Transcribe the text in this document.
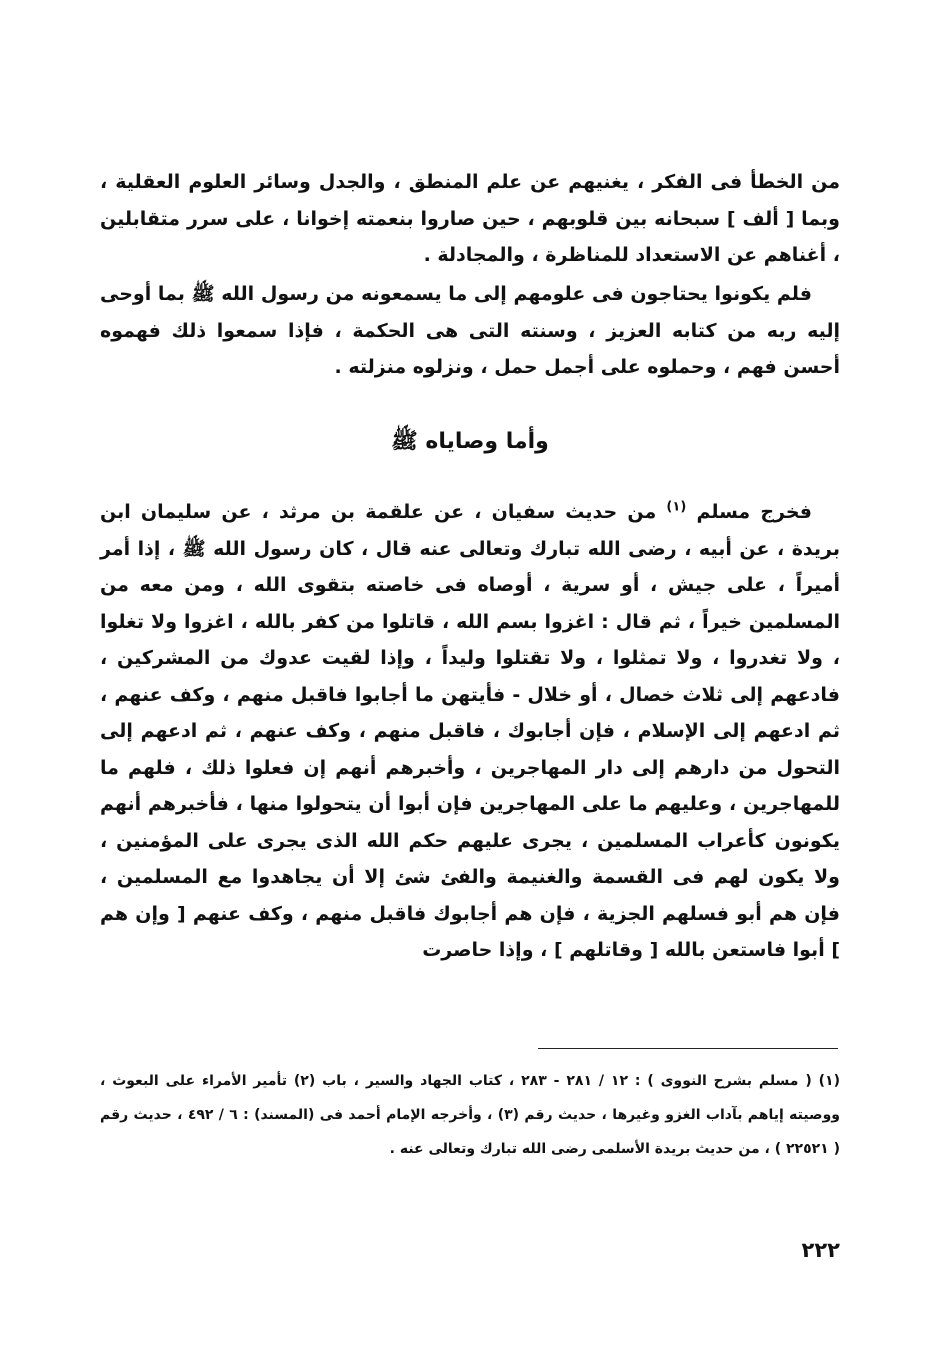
من الخطأ فى الفكر ، يغنيهم عن علم المنطق ، والجدل وسائر العلوم العقلية ، وبما [ ألف ] سبحانه بين قلوبهم ، حين صاروا بنعمته إخوانا ، على سرر متقابلين ، أغناهم عن الاستعداد للمناظرة ، والمجادلة .

فلم يكونوا يحتاجون فى علومهم إلى ما يسمعونه من رسول الله ﷺ بما أوحى إليه ربه من كتابه العزيز ، وسنته التى هى الحكمة ، فإذا سمعوا ذلك فهموه أحسن فهم ، وحملوه على أجمل حمل ، ونزلوه منزلته .

وأما وصاياه ﷺ

فخرج مسلم $^{(١)}$ من حديث سفيان ، عن علقمة بن مرثد ، عن سليمان ابن بريدة ، عن أبيه ، رضى الله تبارك وتعالى عنه قال ، كان رسول الله ﷺ ، إذا أمر أميراً ، على جيش ، أو سرية ، أوصاه فى خاصته بتقوى الله ، ومن معه من المسلمين خيراً ، ثم قال : اغزوا بسم الله ، قاتلوا من كفر بالله ، اغزوا ولا تغلوا ، ولا تغدروا ، ولا تمثلوا ، ولا تقتلوا وليداً ، وإذا لقيت عدوك من المشركين ، فادعهم إلى ثلاث خصال ، أو خلال - فأيتهن ما أجابوا فاقبل منهم ، وكف عنهم ، ثم ادعهم إلى الإسلام ، فإن أجابوك ، فاقبل منهم ، وكف عنهم ، ثم ادعهم إلى التحول من دارهم إلى دار المهاجرين ، وأخبرهم أنهم إن فعلوا ذلك ، فلهم ما للمهاجرين ، وعليهم ما على المهاجرين فإن أبوا أن يتحولوا منها ، فأخبرهم أنهم يكونون كأعراب المسلمين ، يجرى عليهم حكم الله الذى يجرى على المؤمنين ، ولا يكون لهم فى القسمة والغنيمة والفئ شئ إلا أن يجاهدوا مع المسلمين ، فإن هم أبو فسلهم الجزية ، فإن هم أجابوك فاقبل منهم ، وكف عنهم [ وإن هم ] أبوا فاستعن بالله [ وقاتلهم ] ، وإذا حاصرت

(١) ( مسلم بشرح النووى ) : ١٢ / ٢٨١ - ٢٨٣ ، كتاب الجهاد والسير ، باب (٢) تأمير الأمراء على البعوث ، ووصيته إياهم بآداب الغزو وغيرها ، حديث رقم (٣) ، وأخرجه الإمام أحمد فى (المسند) : ٦ / ٤٩٢ ، حديث رقم ( ٢٢٥٢١ ) ، من حديث بريدة الأسلمى رضى الله تبارك وتعالى عنه .

٢٢٢
